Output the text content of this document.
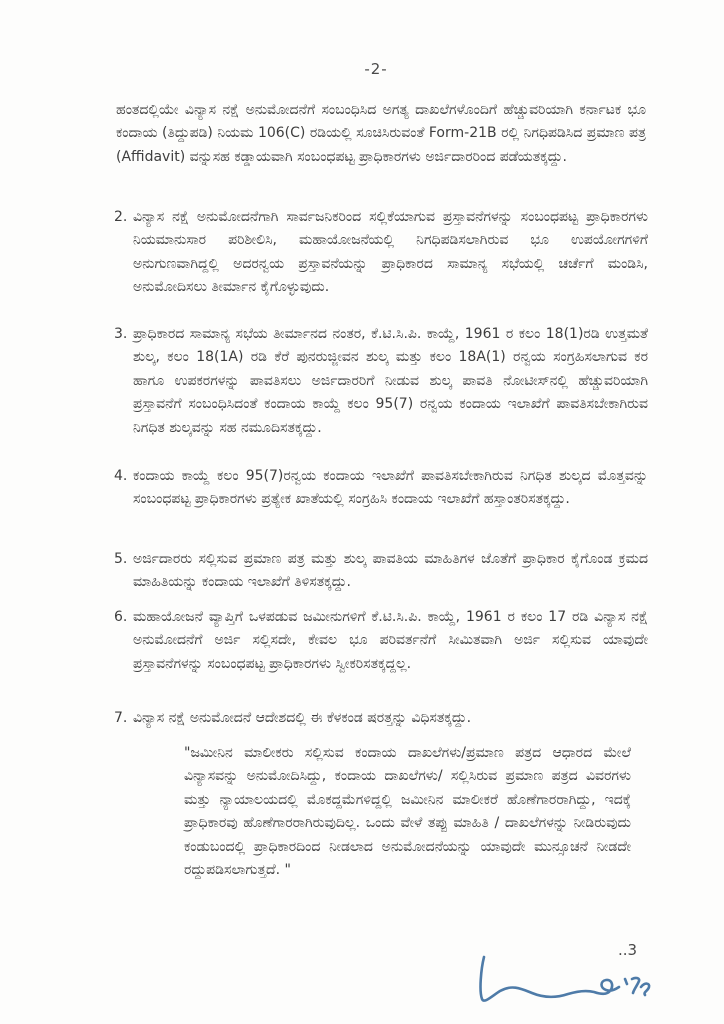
-2-
ಹಂತದಲ್ಲಿಯೇ ವಿನ್ಯಾಸ ನಕ್ಷೆ ಅನುಮೋದನೆಗೆ ಸಂಬಂಧಿಸಿದ ಅಗತ್ಯ ದಾಖಲೆಗಳೊಂದಿಗೆ ಹೆಚ್ಚುವರಿಯಾಗಿ ಕರ್ನಾಟಕ ಭೂ ಕಂದಾಯ (ತಿದ್ದುಪಡಿ) ನಿಯಮ 106(C) ರಡಿಯಲ್ಲಿ ಸೂಚಿಸಿರುವಂತೆ Form-21B ರಲ್ಲಿ ನಿಗಧಿಪಡಿಸಿದ ಪ್ರಮಾಣ ಪತ್ರ (Affidavit) ವನ್ನುಸಹ ಕಡ್ಡಾಯವಾಗಿ ಸಂಬಂಧಪಟ್ಟ ಪ್ರಾಧಿಕಾರಗಳು ಅರ್ಜಿದಾರರಿಂದ ಪಡೆಯತಕ್ಕದ್ದು.
2. ವಿನ್ಯಾಸ ನಕ್ಷೆ ಅನುಮೋದನೆಗಾಗಿ ಸಾರ್ವಜನಿಕರಿಂದ ಸಲ್ಲಿಕೆಯಾಗುವ ಪ್ರಸ್ತಾವನೆಗಳನ್ನು ಸಂಬಂಧಪಟ್ಟ ಪ್ರಾಧಿಕಾರಗಳು ನಿಯಮಾನುಸಾರ ಪರಿಶೀಲಿಸಿ, ಮಹಾಯೋಜನೆಯಲ್ಲಿ ನಿಗಧಿಪಡಿಸಲಾಗಿರುವ ಭೂ ಉಪಯೋಗಗಳಿಗೆ ಅನುಗುಣವಾಗಿದ್ದಲ್ಲಿ ಅದರನ್ವಯ ಪ್ರಸ್ತಾವನೆಯನ್ನು ಪ್ರಾಧಿಕಾರದ ಸಾಮಾನ್ಯ ಸಭೆಯಲ್ಲಿ ಚರ್ಚೆಗೆ ಮಂಡಿಸಿ, ಅನುಮೋದಿಸಲು ತೀರ್ಮಾನ ಕೈಗೊಳ್ಳುವುದು.
3. ಪ್ರಾಧಿಕಾರದ ಸಾಮಾನ್ಯ ಸಭೆಯ ತೀರ್ಮಾನದ ನಂತರ, ಕೆ.ಟಿ.ಸಿ.ಪಿ. ಕಾಯ್ದೆ, 1961 ರ ಕಲಂ 18(1)ರಡಿ ಉತ್ತಮತೆ ಶುಲ್ಕ, ಕಲಂ 18(1A) ರಡಿ ಕೆರೆ ಪುನರುಜ್ಜೀವನ ಶುಲ್ಕ ಮತ್ತು ಕಲಂ 18A(1) ರನ್ವಯ ಸಂಗ್ರಹಿಸಲಾಗುವ ಕರ ಹಾಗೂ ಉಪಕರಗಳನ್ನು ಪಾವತಿಸಲು ಅರ್ಜಿದಾರರಿಗೆ ನೀಡುವ ಶುಲ್ಕ ಪಾವತಿ ನೋಟೀಸ್‌ನಲ್ಲಿ ಹೆಚ್ಚುವರಿಯಾಗಿ ಪ್ರಸ್ತಾವನೆಗೆ ಸಂಬಂಧಿಸಿದಂತೆ ಕಂದಾಯ ಕಾಯ್ದೆ ಕಲಂ 95(7) ರನ್ವಯ ಕಂದಾಯ ಇಲಾಖೆಗೆ ಪಾವತಿಸಬೇಕಾಗಿರುವ ನಿಗಧಿತ ಶುಲ್ಕವನ್ನು ಸಹ ನಮೂದಿಸತಕ್ಕದ್ದು.
4. ಕಂದಾಯ ಕಾಯ್ದೆ ಕಲಂ 95(7)ರನ್ವಯ ಕಂದಾಯ ಇಲಾಖೆಗೆ ಪಾವತಿಸಬೇಕಾಗಿರುವ ನಿಗಧಿತ ಶುಲ್ಕದ ಮೊತ್ತವನ್ನು ಸಂಬಂಧಪಟ್ಟ ಪ್ರಾಧಿಕಾರಗಳು ಪ್ರತ್ಯೇಕ ಖಾತೆಯಲ್ಲಿ ಸಂಗ್ರಹಿಸಿ ಕಂದಾಯ ಇಲಾಖೆಗೆ ಹಸ್ತಾಂತರಿಸತಕ್ಕದ್ದು.
5. ಅರ್ಜಿದಾರರು ಸಲ್ಲಿಸುವ ಪ್ರಮಾಣ ಪತ್ರ ಮತ್ತು ಶುಲ್ಕ ಪಾವತಿಯ ಮಾಹಿತಿಗಳ ಜೊತೆಗೆ ಪ್ರಾಧಿಕಾರ ಕೈಗೊಂಡ ಕ್ರಮದ ಮಾಹಿತಿಯನ್ನು ಕಂದಾಯ ಇಲಾಖೆಗೆ ತಿಳಿಸತಕ್ಕದ್ದು.
6. ಮಹಾಯೋಜನೆ ವ್ಯಾಪ್ತಿಗೆ ಒಳಪಡುವ ಜಮೀನುಗಳಿಗೆ ಕೆ.ಟಿ.ಸಿ.ಪಿ. ಕಾಯ್ದೆ, 1961 ರ ಕಲಂ 17 ರಡಿ ವಿನ್ಯಾಸ ನಕ್ಷೆ ಅನುಮೋದನೆಗೆ ಅರ್ಜಿ ಸಲ್ಲಿಸದೇ, ಕೇವಲ ಭೂ ಪರಿವರ್ತನೆಗೆ ಸೀಮಿತವಾಗಿ ಅರ್ಜಿ ಸಲ್ಲಿಸುವ ಯಾವುದೇ ಪ್ರಸ್ತಾವನೆಗಳನ್ನು ಸಂಬಂಧಪಟ್ಟ ಪ್ರಾಧಿಕಾರಗಳು ಸ್ವೀಕರಿಸತಕ್ಕದ್ದಲ್ಲ.
7. ವಿನ್ಯಾಸ ನಕ್ಷೆ ಅನುಮೋದನೆ ಆದೇಶದಲ್ಲಿ ಈ ಕೆಳಕಂಡ ಷರತ್ತನ್ನು ವಿಧಿಸತಕ್ಕದ್ದು.
"ಜಮೀನಿನ ಮಾಲೀಕರು ಸಲ್ಲಿಸುವ ಕಂದಾಯ ದಾಖಲೆಗಳು/ಪ್ರಮಾಣ ಪತ್ರದ ಆಧಾರದ ಮೇಲೆ ವಿನ್ಯಾಸವನ್ನು ಅನುಮೋದಿಸಿದ್ದು, ಕಂದಾಯ ದಾಖಲೆಗಳು/ ಸಲ್ಲಿಸಿರುವ ಪ್ರಮಾಣ ಪತ್ರದ ವಿವರಗಳು ಮತ್ತು ನ್ಯಾಯಾಲಯದಲ್ಲಿ ಮೊಕದ್ದಮೆಗಳಿದ್ದಲ್ಲಿ ಜಮೀನಿನ ಮಾಲೀಕರೆ ಹೊಣೆಗಾರರಾಗಿದ್ದು, ಇದಕ್ಕೆ ಪ್ರಾಧಿಕಾರವು ಹೊಣೆಗಾರರಾಗಿರುವುದಿಲ್ಲ. ಒಂದು ವೇಳೆ ತಪ್ಪು ಮಾಹಿತಿ / ದಾಖಲೆಗಳನ್ನು ನೀಡಿರುವುದು ಕಂಡುಬಂದಲ್ಲಿ ಪ್ರಾಧಿಕಾರದಿಂದ ನೀಡಲಾದ ಅನುಮೋದನೆಯನ್ನು ಯಾವುದೇ ಮುನ್ಸೂಚನೆ ನೀಡದೇ ರದ್ದುಪಡಿಸಲಾಗುತ್ತದೆ. "
..3
